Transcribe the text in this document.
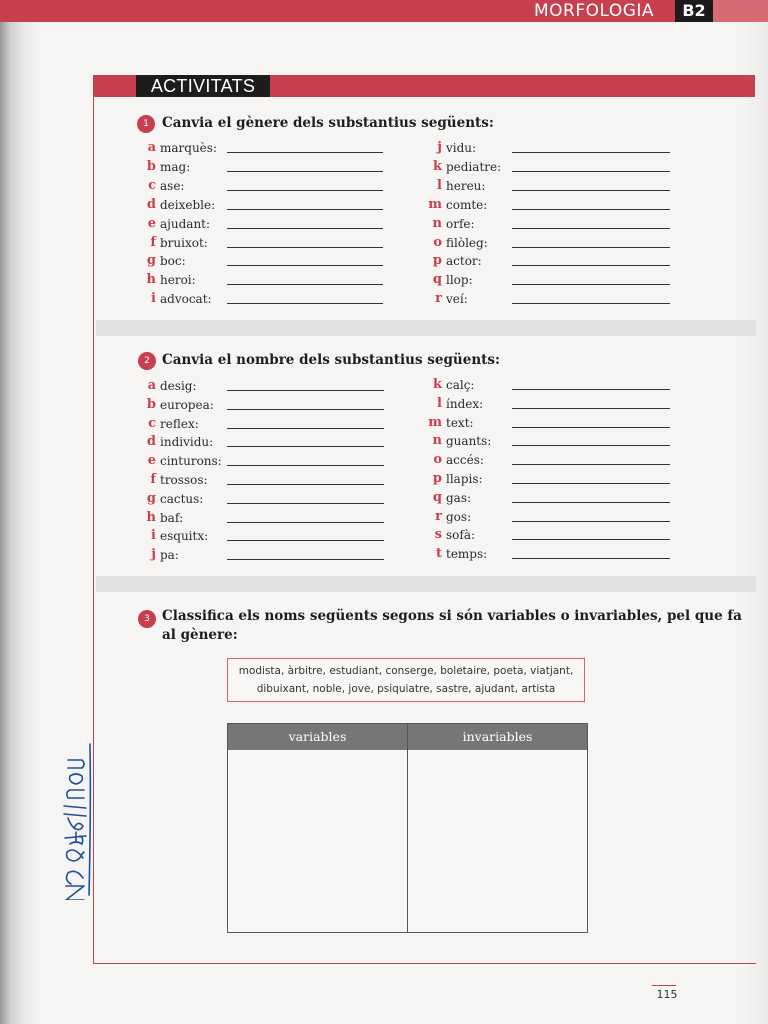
MORFOLOGIA	B2
ACTIVITATS
1 Canvia el gènere dels substantius següents:
a marquès:
b mag:
c ase:
d deixeble:
e ajudant:
f bruixot:
g boc:
h heroi:
i advocat:
j vidu:
k pediatre:
l hereu:
m comte:
n orfe:
o filòleg:
p actor:
q llop:
r veí:
2 Canvia el nombre dels substantius següents:
a desig:
b europea:
c reflex:
d individu:
e cinturons:
f trossos:
g cactus:
h baf:
i esquitx:
j pa:
k calç:
l índex:
m text:
n guants:
o accés:
p llapis:
q gas:
r gos:
s sofà:
t temps:
3 Classifica els noms següents segons si són variables o invariables, pel que fa
al gènere:
modista, àrbitre, estudiant, conserge, boletaire, poeta, viatjant,
dibuixant, noble, jove, psiquiatre, sastre, ajudant, artista
variables	invariables
115
